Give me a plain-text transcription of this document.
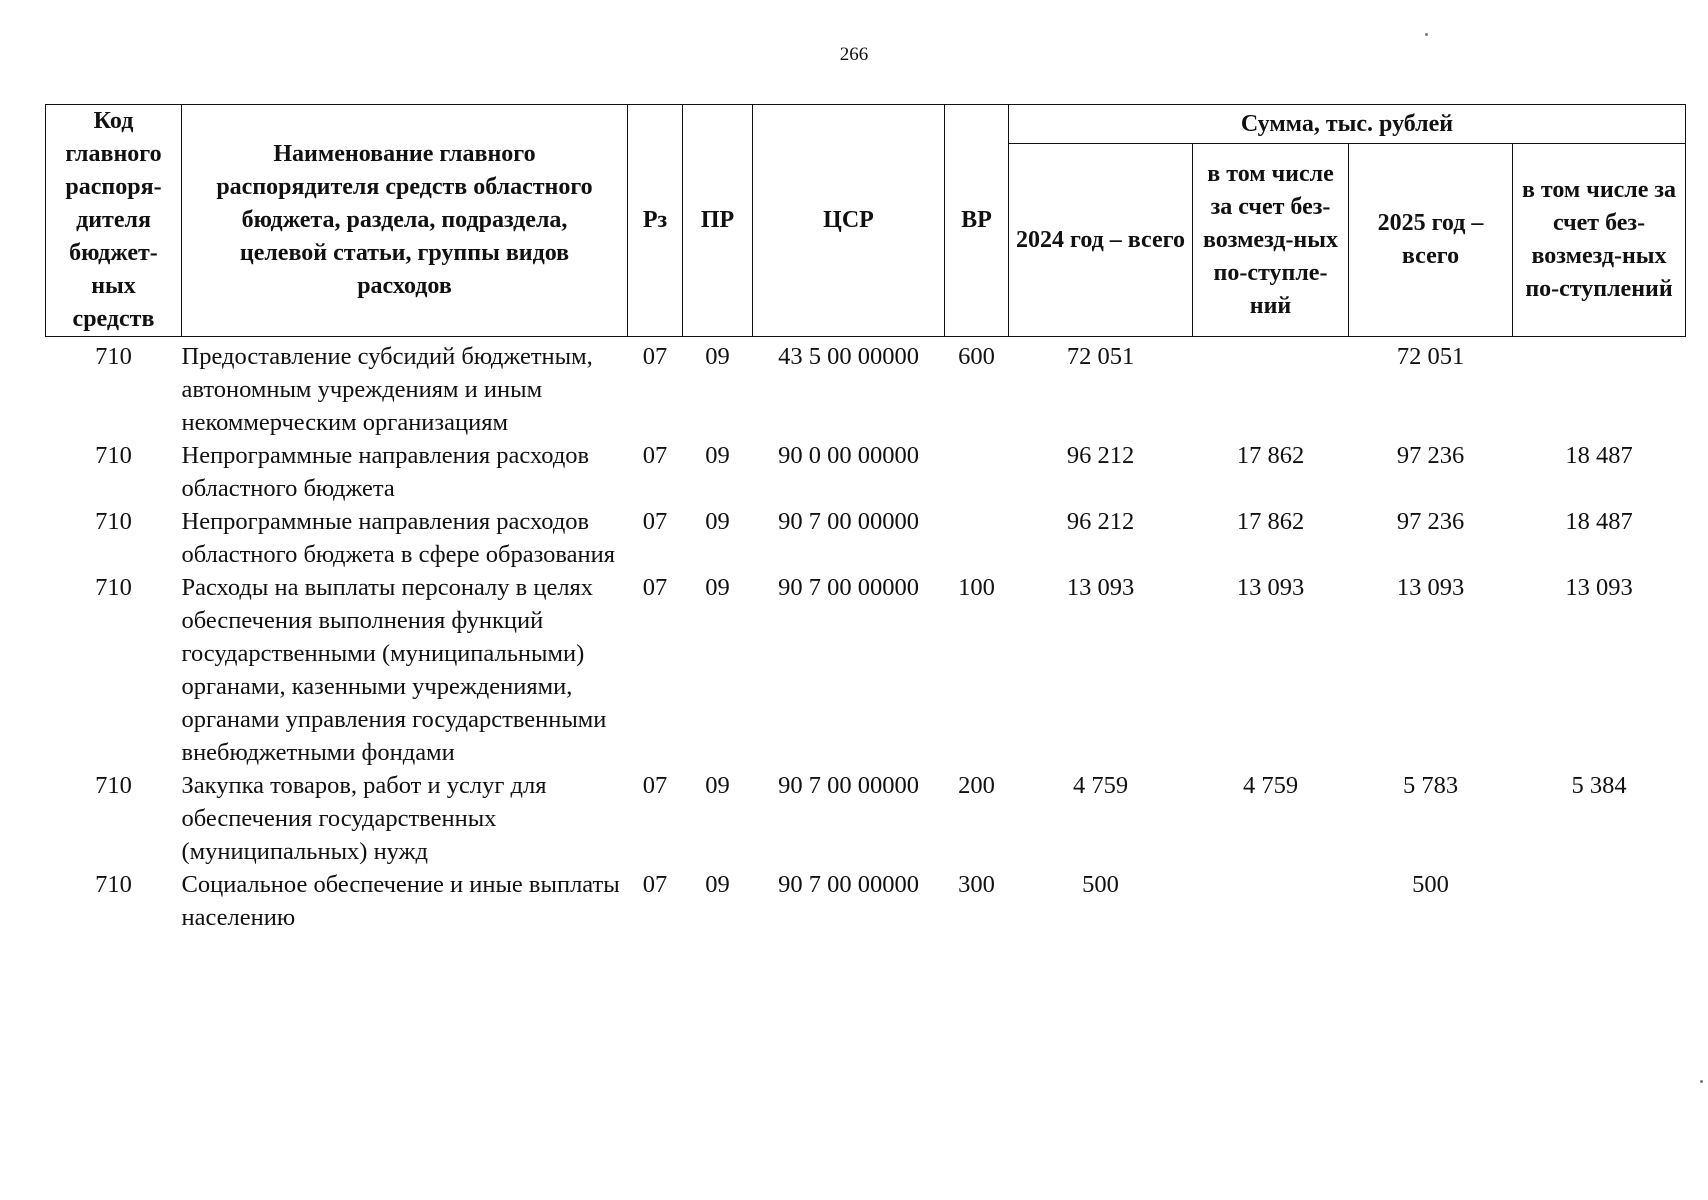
266
Код главного распоря-дителя бюджет-ных средств	Наименование главного распорядителя средств областного бюджета, раздела, подраздела, целевой статьи, группы видов расходов	Рз	ПР	ЦСР	ВР	Сумма, тыс. рублей			
						2024 год – всего	в том числе за счет без-возмезд-ных по-ступле-ний	2025 год – всего	в том числе за счет без-возмезд-ных по-ступлений
710	Предоставление субсидий бюджетным, автономным учреждениям и иным некоммерческим организациям	07	09	43 5 00 00000	600	72 051		72 051	
710	Непрограммные направления расходов областного бюджета	07	09	90 0 00 00000		96 212	17 862	97 236	18 487
710	Непрограммные направления расходов областного бюджета в сфере образования	07	09	90 7 00 00000		96 212	17 862	97 236	18 487
710	Расходы на выплаты персоналу в целях обеспечения выполнения функций государственными (муниципальными) органами, казенными учреждениями, органами управления государственными внебюджетными фондами	07	09	90 7 00 00000	100	13 093	13 093	13 093	13 093
710	Закупка товаров, работ и услуг для обеспечения государственных (муниципальных) нужд	07	09	90 7 00 00000	200	4 759	4 759	5 783	5 384
710	Социальное обеспечение и иные выплаты населению	07	09	90 7 00 00000	300	500		500	
